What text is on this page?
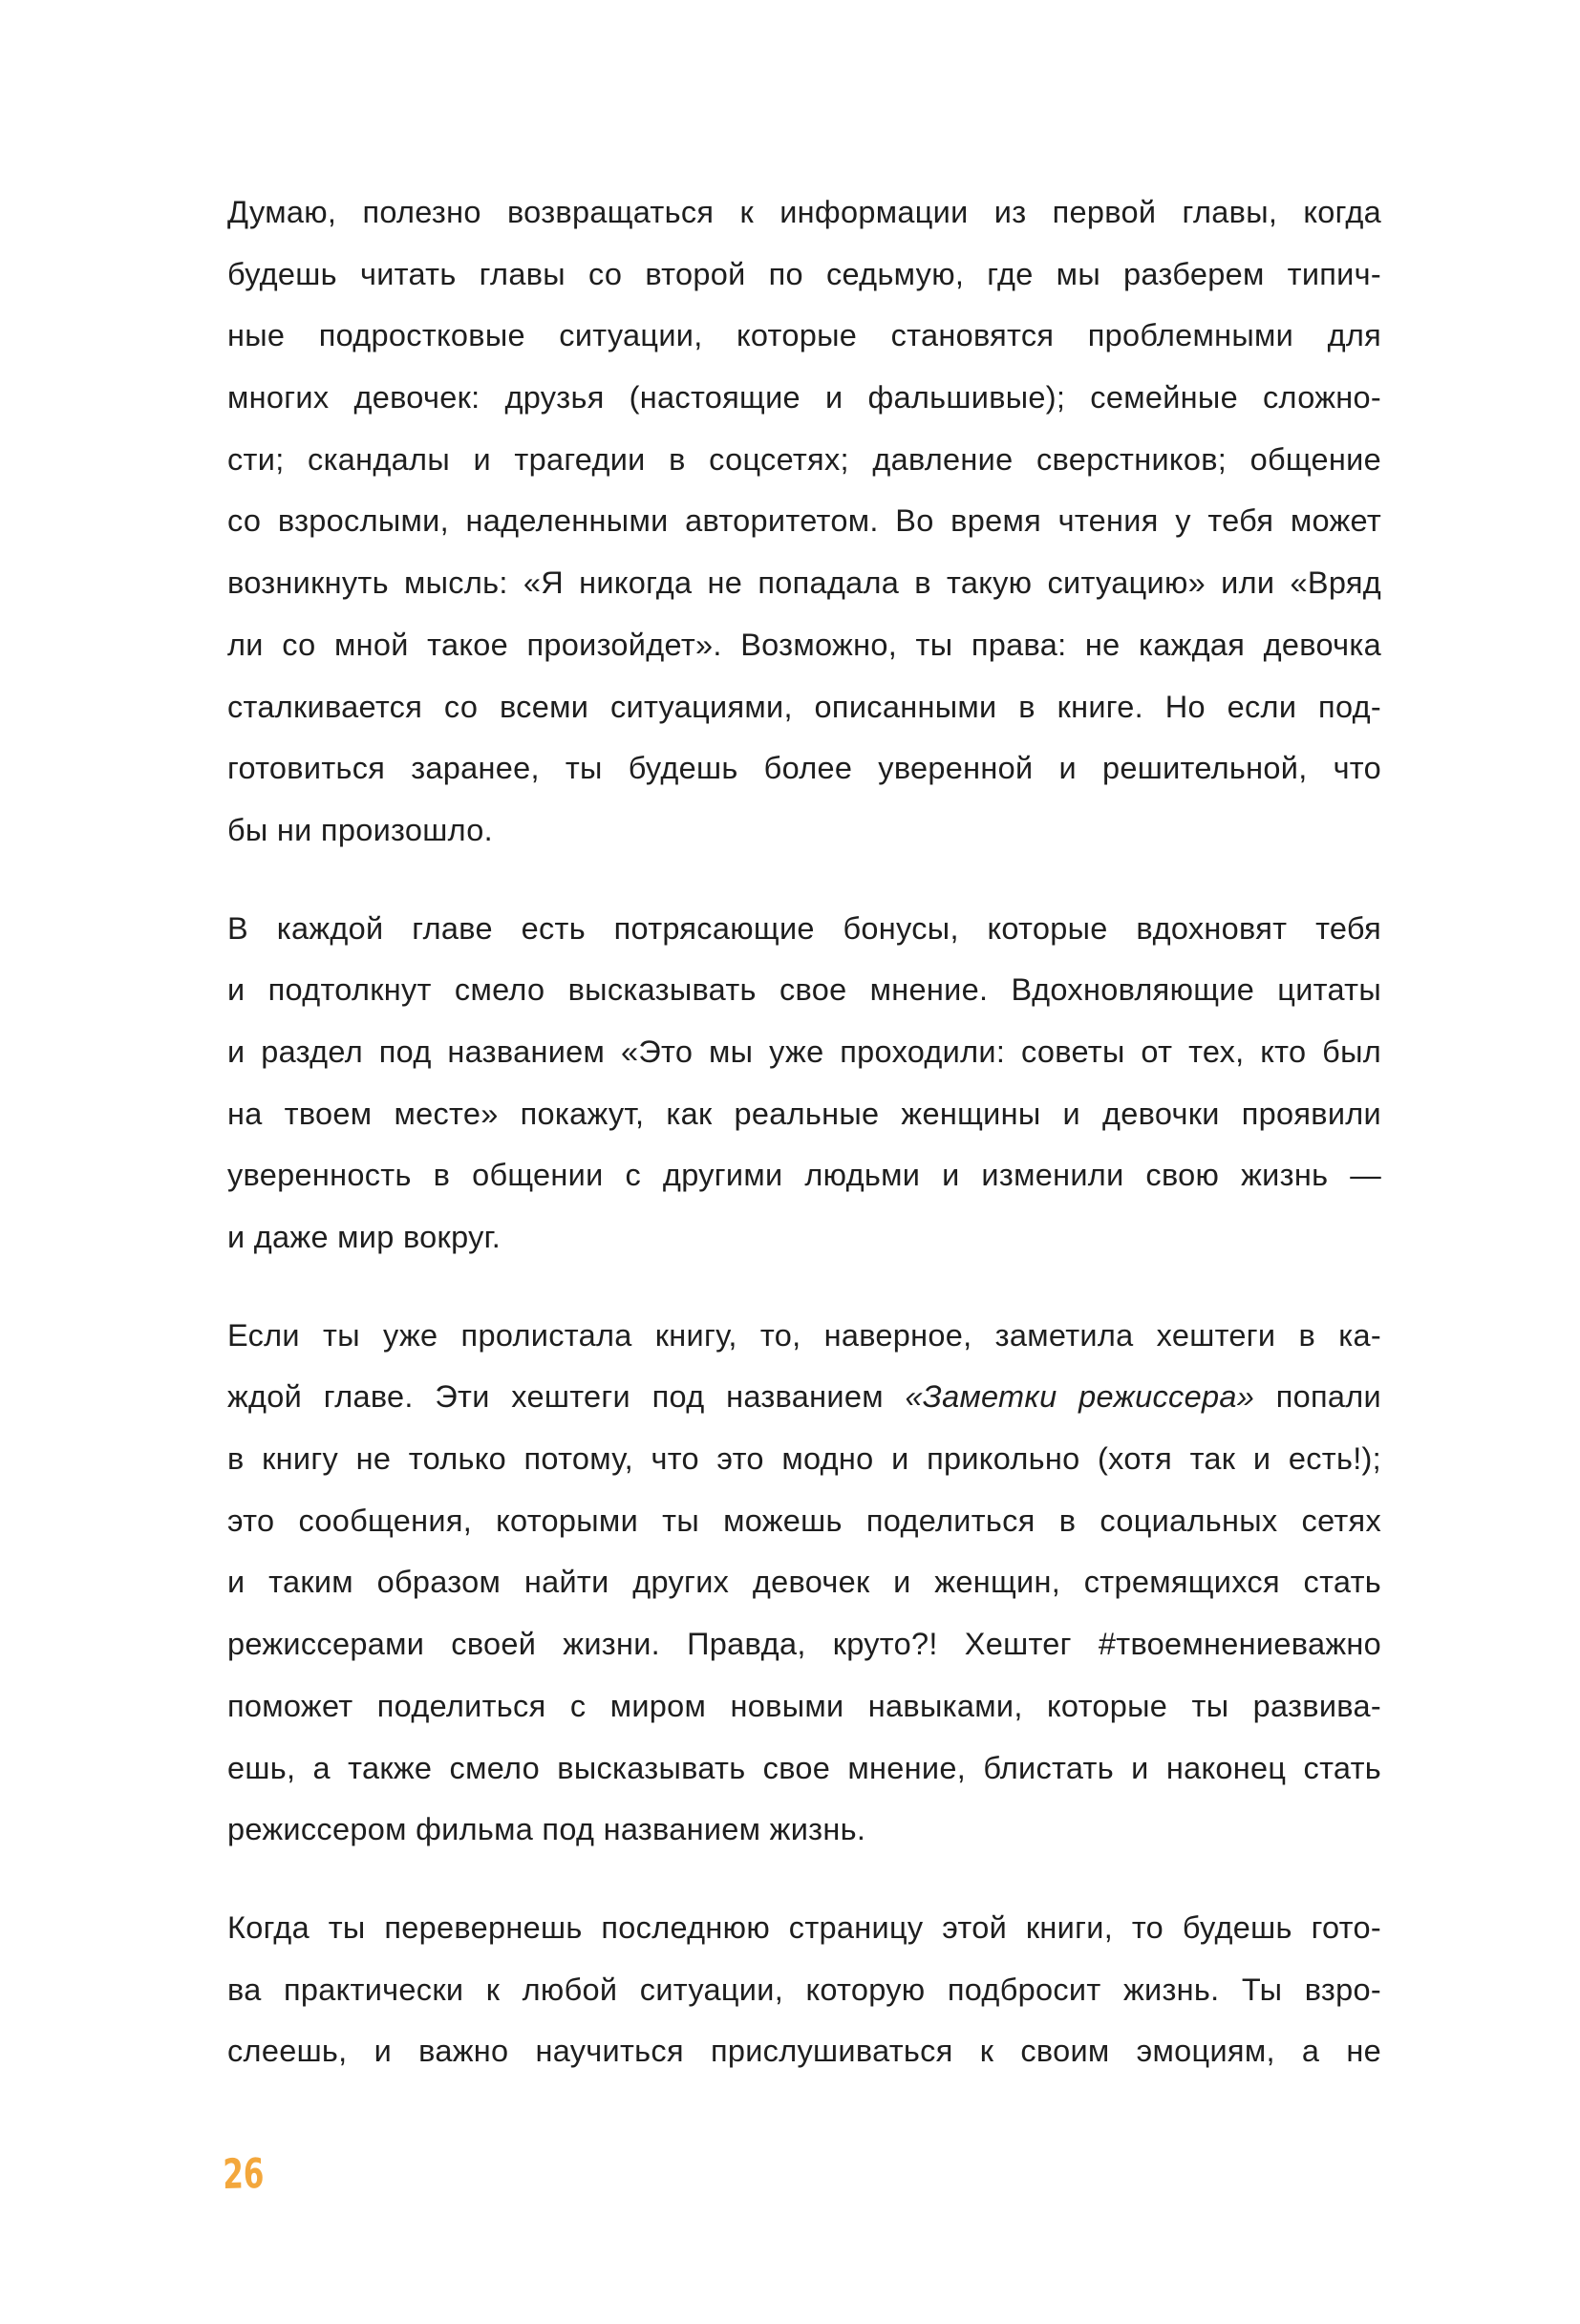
Думаю, полезно возвращаться к информации из первой главы, когда
будешь читать главы со второй по седьмую, где мы разберем типич-
ные подростковые ситуации, которые становятся проблемными для
многих девочек: друзья (настоящие и фальшивые); семейные сложно-
сти; скандалы и трагедии в соцсетях; давление сверстников; общение
со взрослыми, наделенными авторитетом. Во время чтения у тебя может
возникнуть мысль: «Я никогда не попадала в такую ситуацию» или «Вряд
ли со мной такое произойдет». Возможно, ты права: не каждая девочка
сталкивается со всеми ситуациями, описанными в книге. Но если под-
готовиться заранее, ты будешь более уверенной и решительной, что
бы ни произошло.
В каждой главе есть потрясающие бонусы, которые вдохновят тебя
и подтолкнут смело высказывать свое мнение. Вдохновляющие цитаты
и раздел под названием «Это мы уже проходили: советы от тех, кто был
на твоем месте» покажут, как реальные женщины и девочки проявили
уверенность в общении с другими людьми и изменили свою жизнь —
и даже мир вокруг.
Если ты уже пролистала книгу, то, наверное, заметила хештеги в ка-
ждой главе. Эти хештеги под названием «Заметки режиссера» попали
в книгу не только потому, что это модно и прикольно (хотя так и есть!);
это сообщения, которыми ты можешь поделиться в социальных сетях
и таким образом найти других девочек и женщин, стремящихся стать
режиссерами своей жизни. Правда, круто?! Хештег #твоемнениеважно
поможет поделиться с миром новыми навыками, которые ты развива-
ешь, а также смело высказывать свое мнение, блистать и наконец стать
режиссером фильма под названием жизнь.
Когда ты перевернешь последнюю страницу этой книги, то будешь гото-
ва практически к любой ситуации, которую подбросит жизнь. Ты взро-
слеешь, и важно научиться прислушиваться к своим эмоциям, а не
26
